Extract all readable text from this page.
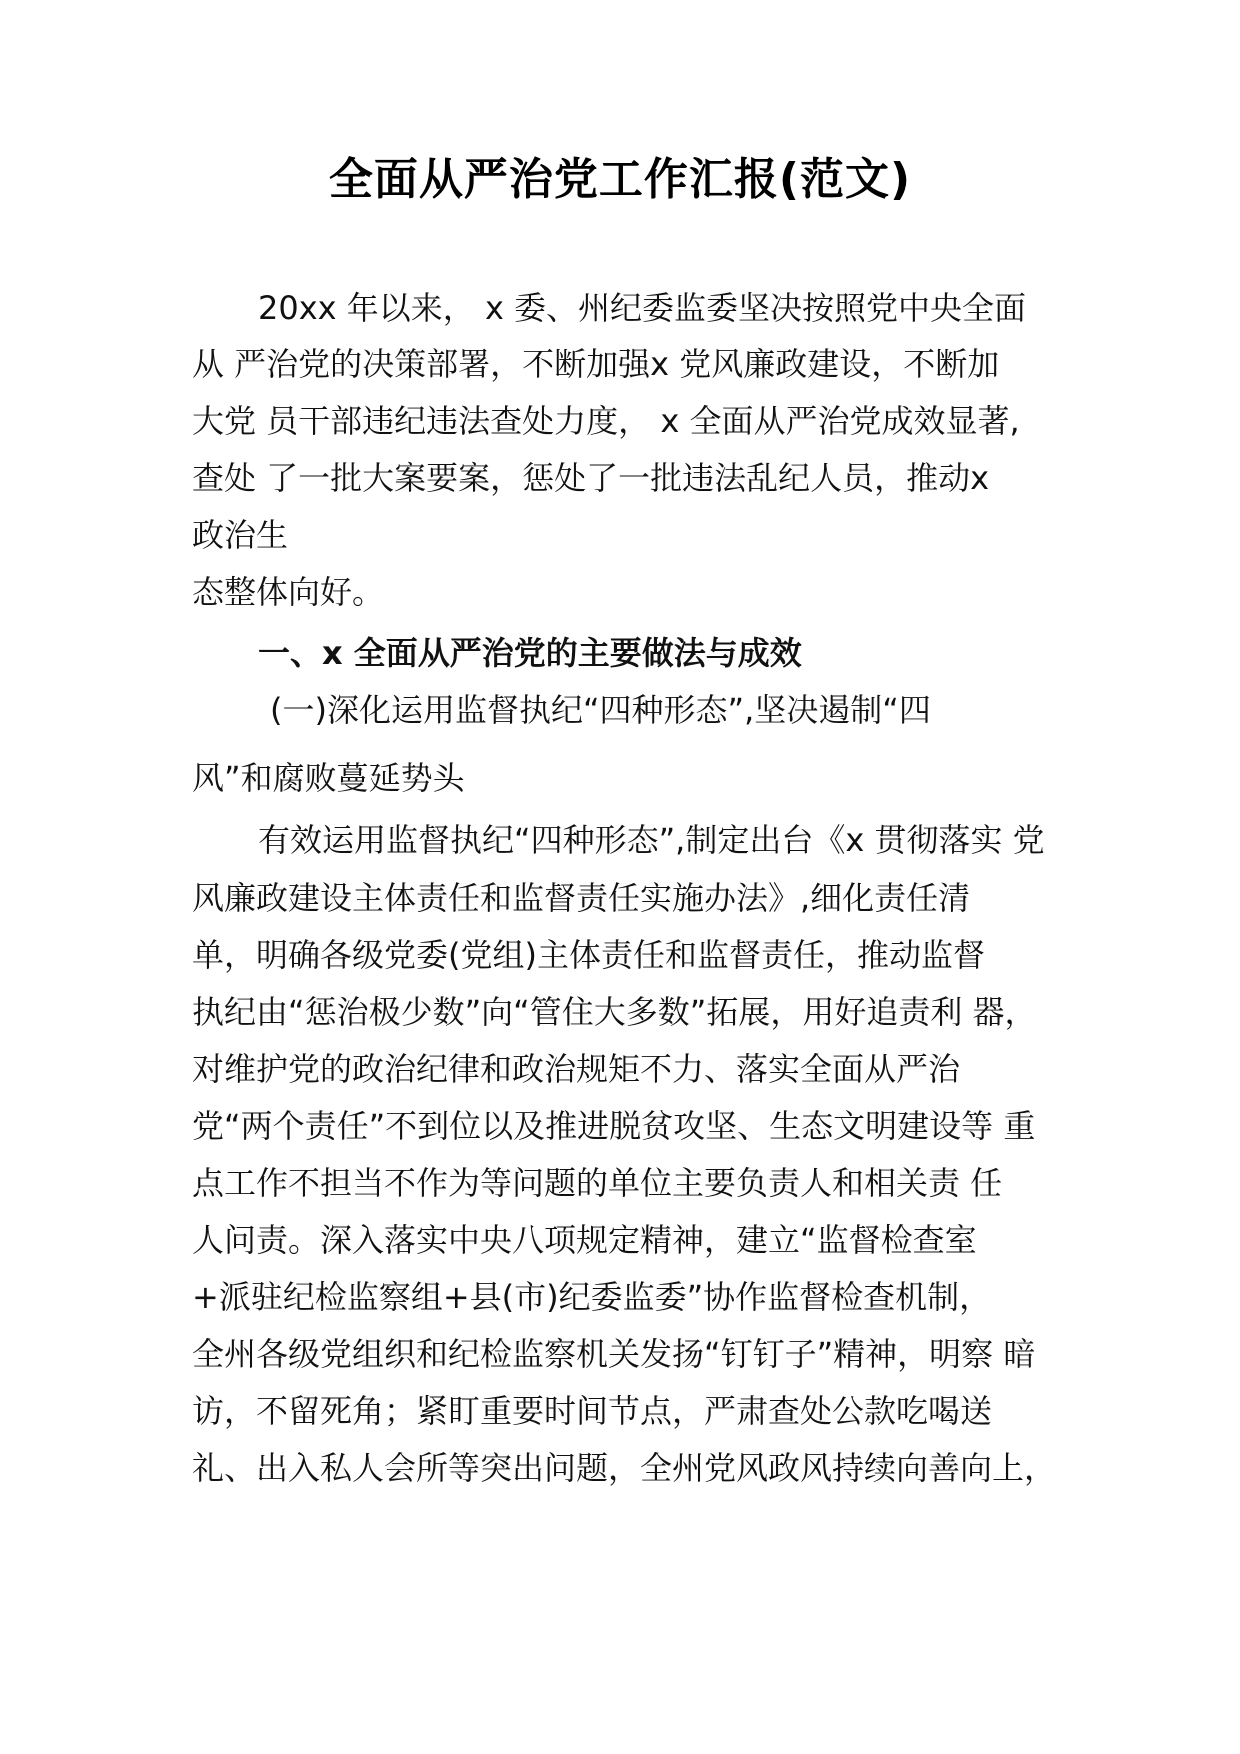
全面从严治党工作汇报(范文)
20xx 年以来， x 委、州纪委监委坚决按照党中央全面
从 严治党的决策部署，不断加强x 党风廉政建设，不断加
大党 员干部违纪违法查处力度， x 全面从严治党成效显著,
查处 了一批大案要案，惩处了一批违法乱纪人员，推动x
政治生
态整体向好。
一、x 全面从严治党的主要做法与成效
(一)深化运用监督执纪“四种形态”,坚决遏制“四
风”和腐败蔓延势头
有效运用监督执纪“四种形态”,制定出台《x 贯彻落实 党
风廉政建设主体责任和监督责任实施办法》,细化责任清
单，明确各级党委(党组)主体责任和监督责任，推动监督
执纪由“惩治极少数”向“管住大多数”拓展，用好追责利 器，
对维护党的政治纪律和政治规矩不力、落实全面从严治
党“两个责任”不到位以及推进脱贫攻坚、生态文明建设等 重
点工作不担当不作为等问题的单位主要负责人和相关责 任
人问责。深入落实中央八项规定精神，建立“监督检查室
+派驻纪检监察组+县(市)纪委监委”协作监督检查机制，
全州各级党组织和纪检监察机关发扬“钉钉子”精神，明察 暗
访，不留死角；紧盯重要时间节点，严肃查处公款吃喝送
礼、出入私人会所等突出问题，全州党风政风持续向善向上，
